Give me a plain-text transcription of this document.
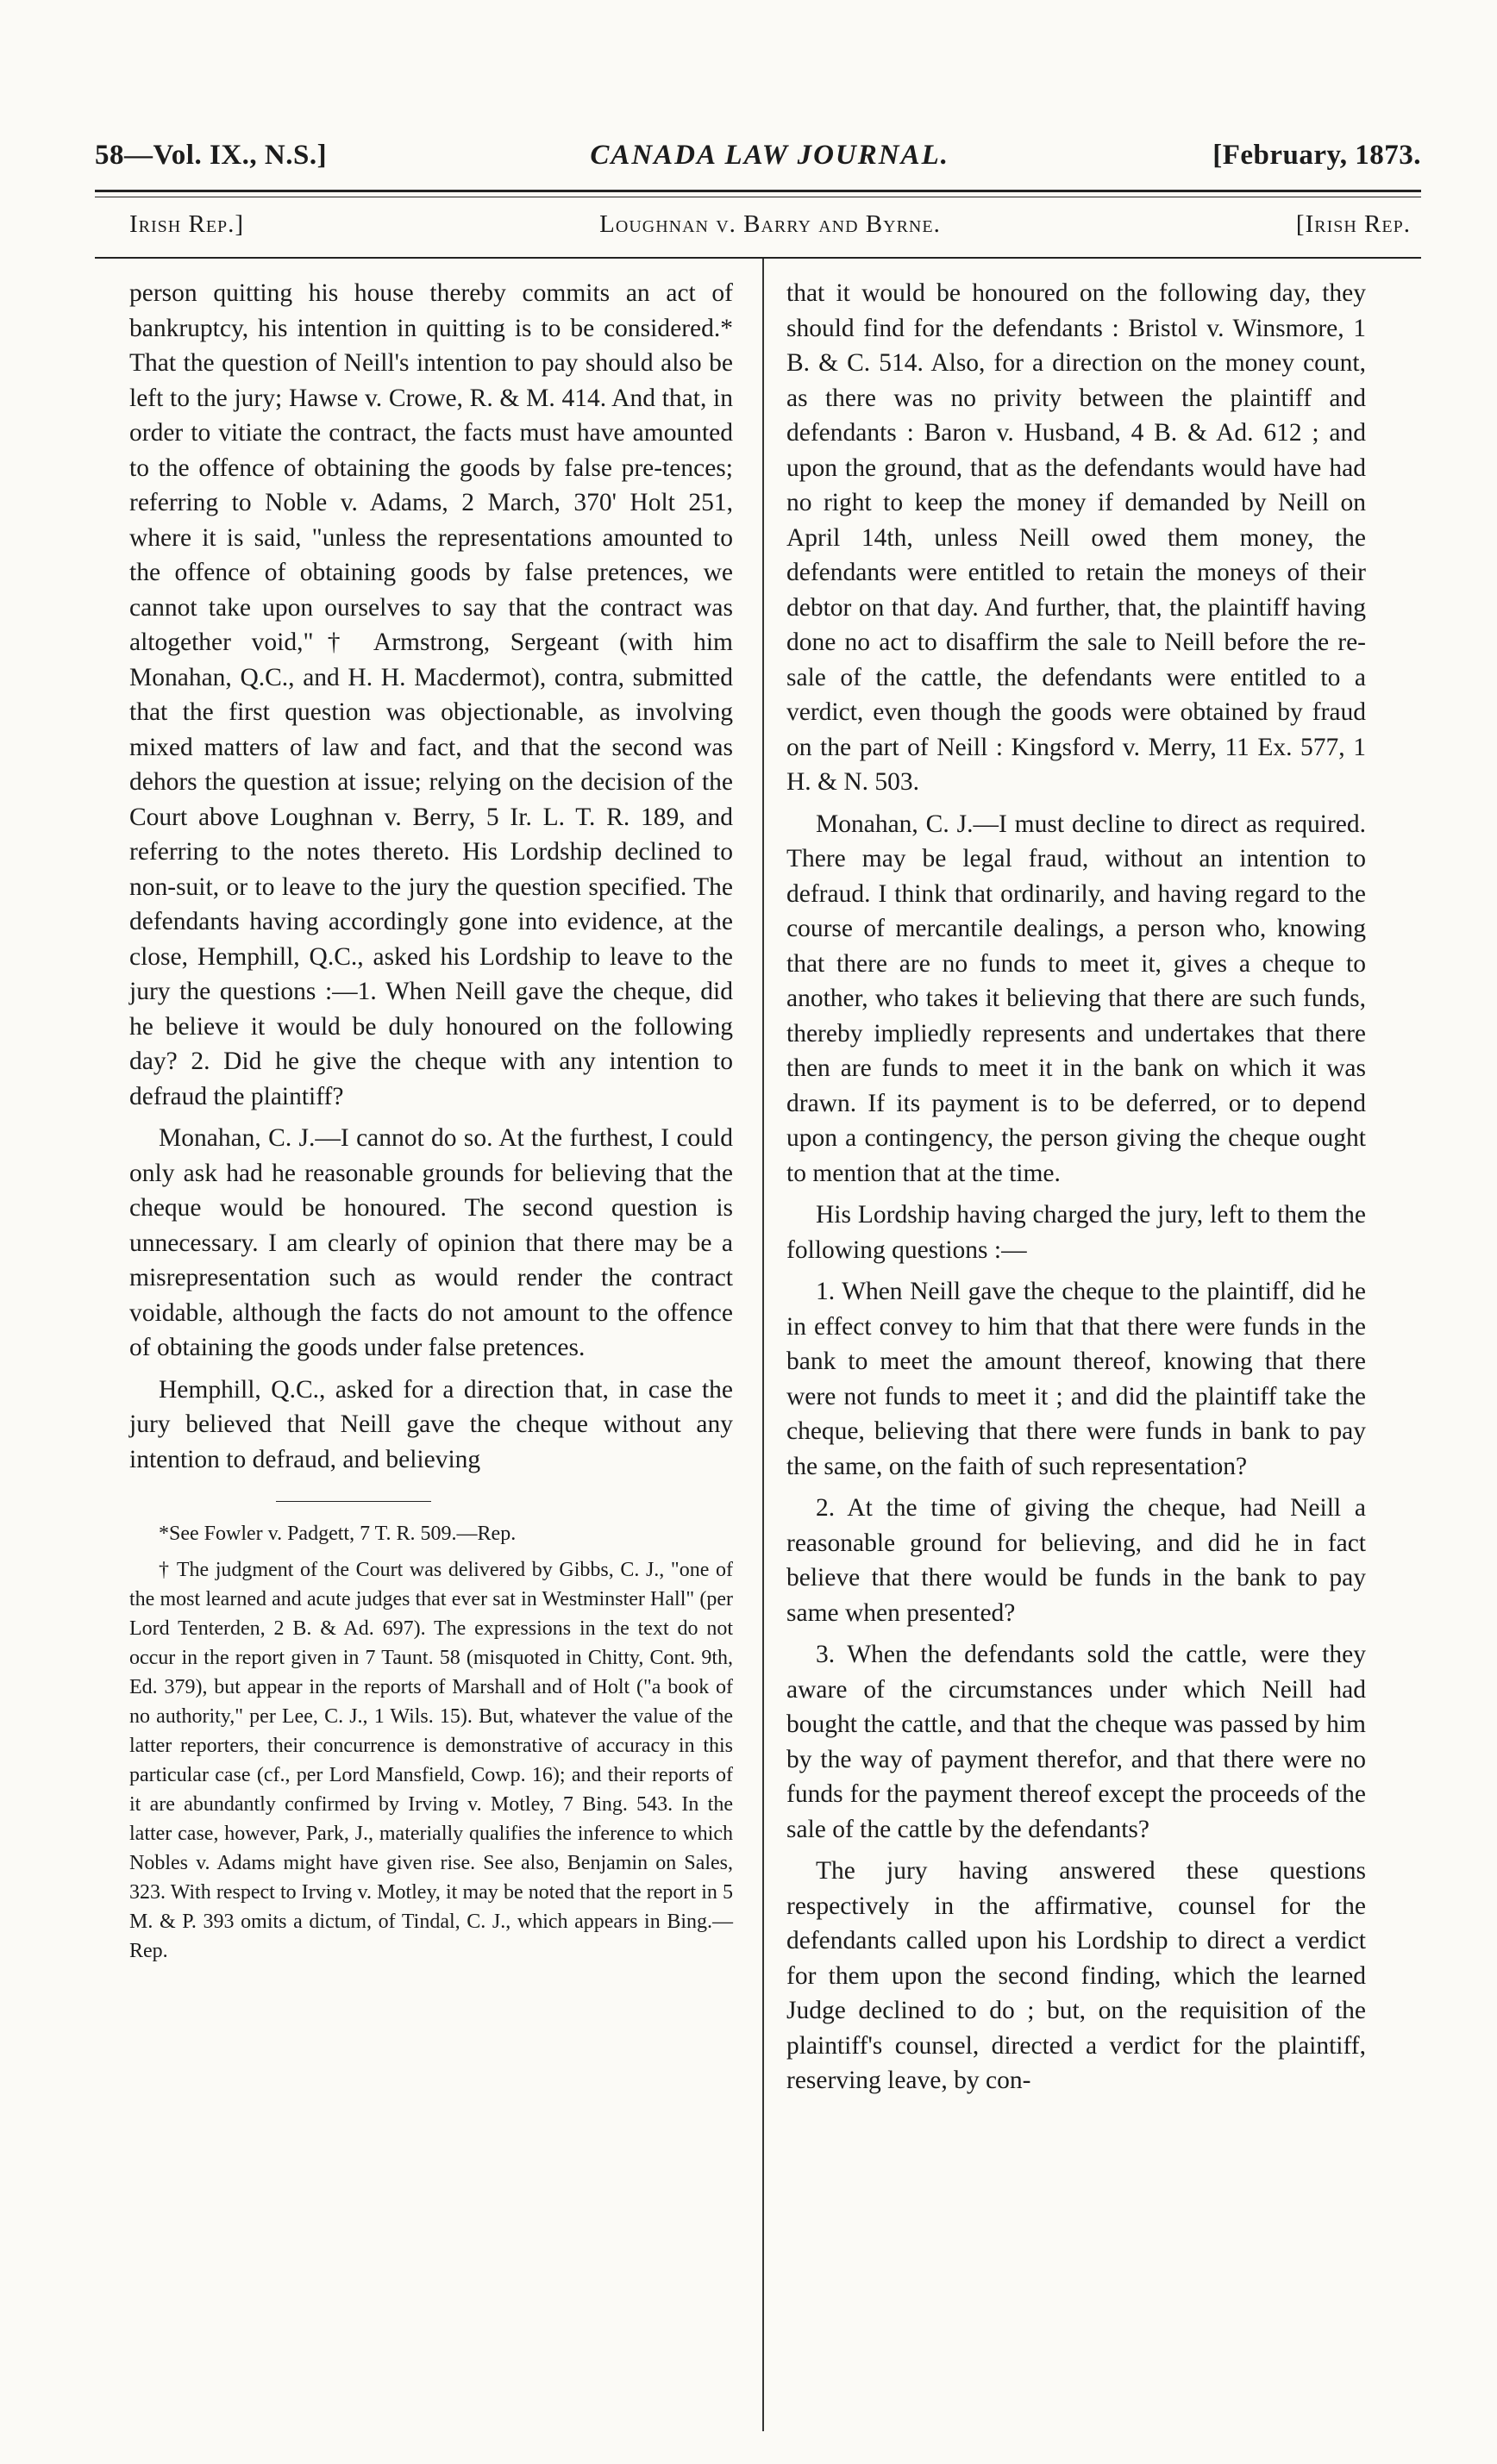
58—Vol. IX., N.S.]	CANADA LAW JOURNAL.	[February, 1873.
Irish Rep.]	Loughnan v. Barry and Byrne.	[Irish Rep.

person quitting his house thereby commits an act of bankruptcy, his intention in quitting is to be considered.* That the question of Neill's intention to pay should also be left to the jury; Hawse v. Crowe, R. & M. 414. And that, in order to vitiate the contract, the facts must have amounted to the offence of obtaining the goods by false pre-tences; referring to Noble v. Adams, 2 March, 370' Holt 251, where it is said, "unless the representations amounted to the offence of obtaining goods by false pretences, we cannot take upon ourselves to say that the contract was altogether void,"† Armstrong, Sergeant (with him Monahan, Q.C., and H. H. Macdermot), contra, submitted that the first question was objectionable, as involving mixed matters of law and fact, and that the second was dehors the question at issue; relying on the decision of the Court above Loughnan v. Berry, 5 Ir. L. T. R. 189, and referring to the notes thereto. His Lordship declined to non-suit, or to leave to the jury the question specified. The defendants having accordingly gone into evidence, at the close, Hemphill, Q.C., asked his Lordship to leave to the jury the questions :—1. When Neill gave the cheque, did he believe it would be duly honoured on the following day? 2. Did he give the cheque with any intention to defraud the plaintiff?

Monahan, C. J.—I cannot do so. At the furthest, I could only ask had he reasonable grounds for believing that the cheque would be honoured. The second question is unnecessary. I am clearly of opinion that there may be a misrepresentation such as would render the contract voidable, although the facts do not amount to the offence of obtaining the goods under false pretences.

Hemphill, Q.C., asked for a direction that, in case the jury believed that Neill gave the cheque without any intention to defraud, and believing

*See Fowler v. Padgett, 7 T. R. 509.—Rep.

† The judgment of the Court was delivered by Gibbs, C. J., "one of the most learned and acute judges that ever sat in Westminster Hall" (per Lord Tenterden, 2 B. & Ad. 697). The expressions in the text do not occur in the report given in 7 Taunt. 58 (misquoted in Chitty, Cont. 9th, Ed. 379), but appear in the reports of Marshall and of Holt ("a book of no authority," per Lee, C. J., 1 Wils. 15). But, whatever the value of the latter reporters, their concurrence is demonstrative of accuracy in this particular case (cf., per Lord Mansfield, Cowp. 16); and their reports of it are abundantly confirmed by Irving v. Motley, 7 Bing. 543. In the latter case, however, Park, J., materially qualifies the inference to which Nobles v. Adams might have given rise. See also, Benjamin on Sales, 323. With respect to Irving v. Motley, it may be noted that the report in 5 M. & P. 393 omits a dictum, of Tindal, C. J., which appears in Bing.—Rep.

that it would be honoured on the following day, they should find for the defendants : Bristol v. Winsmore, 1 B. & C. 514. Also, for a direction on the money count, as there was no privity between the plaintiff and defendants : Baron v. Husband, 4 B. & Ad. 612 ; and upon the ground, that as the defendants would have had no right to keep the money if demanded by Neill on April 14th, unless Neill owed them money, the defendants were entitled to retain the moneys of their debtor on that day. And further, that, the plaintiff having done no act to disaffirm the sale to Neill before the re-sale of the cattle, the defendants were entitled to a verdict, even though the goods were obtained by fraud on the part of Neill : Kingsford v. Merry, 11 Ex. 577, 1 H. & N. 503.

Monahan, C. J.—I must decline to direct as required. There may be legal fraud, without an intention to defraud. I think that ordinarily, and having regard to the course of mercantile dealings, a person who, knowing that there are no funds to meet it, gives a cheque to another, who takes it believing that there are such funds, thereby impliedly represents and undertakes that there then are funds to meet it in the bank on which it was drawn. If its payment is to be deferred, or to depend upon a contingency, the person giving the cheque ought to mention that at the time.

His Lordship having charged the jury, left to them the following questions :—

1. When Neill gave the cheque to the plaintiff, did he in effect convey to him that that there were funds in the bank to meet the amount thereof, knowing that there were not funds to meet it ; and did the plaintiff take the cheque, believing that there were funds in bank to pay the same, on the faith of such representation?

2. At the time of giving the cheque, had Neill a reasonable ground for believing, and did he in fact believe that there would be funds in the bank to pay same when presented?

3. When the defendants sold the cattle, were they aware of the circumstances under which Neill had bought the cattle, and that the cheque was passed by him by the way of payment therefor, and that there were no funds for the payment thereof except the proceeds of the sale of the cattle by the defendants?

The jury having answered these questions respectively in the affirmative, counsel for the defendants called upon his Lordship to direct a verdict for them upon the second finding, which the learned Judge declined to do ; but, on the requisition of the plaintiff's counsel, directed a verdict for the plaintiff, reserving leave, by con-
